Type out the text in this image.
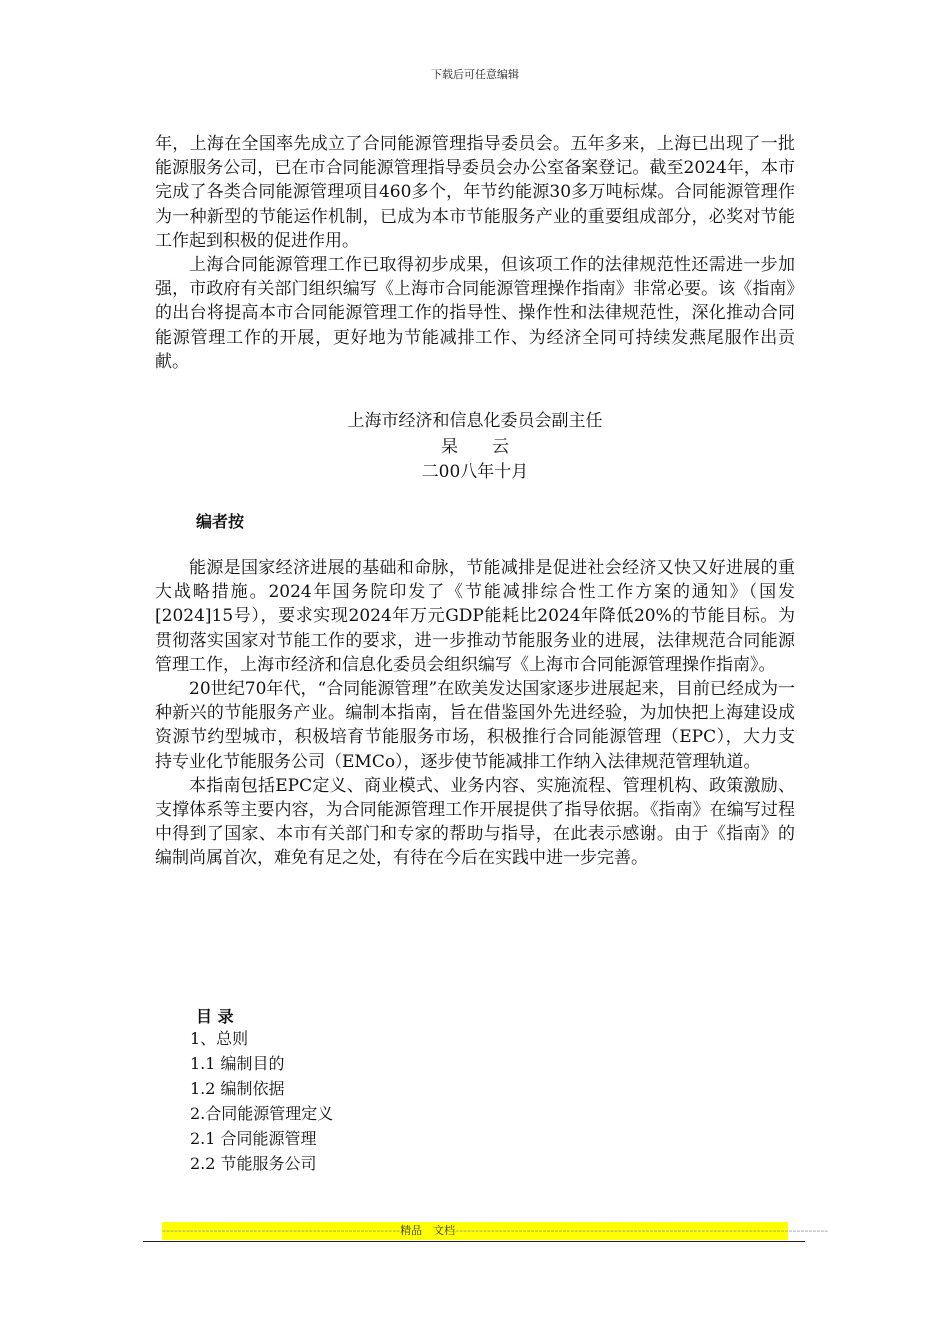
下载后可任意编辑

年，上海在全国率先成立了合同能源管理指导委员会。五年多来，上海已出现了一批能源服务公司，已在市合同能源管理指导委员会办公室备案登记。截至2024年，本市完成了各类合同能源管理项目460多个，年节约能源30多万吨标煤。合同能源管理作为一种新型的节能运作机制，已成为本市节能服务产业的重要组成部分，必奖对节能工作起到积极的促进作用。

上海合同能源管理工作已取得初步成果，但该项工作的法律规范性还需进一步加强，市政府有关部门组织编写《上海市合同能源管理操作指南》非常必要。该《指南》的出台将提高本市合同能源管理工作的指导性、操作性和法律规范性，深化推动合同能源管理工作的开展，更好地为节能减排工作、为经济全同可持续发燕尾服作出贡献。

上海市经济和信息化委员会副主任
杲　　云
二00八年十月
编者按

能源是国家经济进展的基础和命脉，节能减排是促进社会经济又快又好进展的重大战略措施。2024年国务院印发了《节能减排综合性工作方案的通知》（国发[2024]15号），要求实现2024年万元GDP能耗比2024年降低20%的节能目标。为贯彻落实国家对节能工作的要求，进一步推动节能服务业的进展，法律规范合同能源管理工作，上海市经济和信息化委员会组织编写《上海市合同能源管理操作指南》。

20世纪70年代，“合同能源管理”在欧美发达国家逐步进展起来，目前已经成为一种新兴的节能服务产业。编制本指南，旨在借鉴国外先进经验，为加快把上海建设成资源节约型城市，积极培育节能服务市场，积极推行合同能源管理（EPC），大力支持专业化节能服务公司（EMCo），逐步使节能减排工作纳入法律规范管理轨道。

本指南包括EPC定义、商业模式、业务内容、实施流程、管理机构、政策激励、支撑体系等主要内容，为合同能源管理工作开展提供了指导依据。《指南》在编写过程中得到了国家、本市有关部门和专家的帮助与指导，在此表示感谢。由于《指南》的编制尚属首次，难免有足之处，有待在今后在实践中进一步完善。

目 录
1、总则
1.1 编制目的
1.2 编制依据
2.合同能源管理定义
2.1 合同能源管理
2.2 节能服务公司
------------------------------------------------------------精品　文档----------------------------------------------------------------------------------------------
